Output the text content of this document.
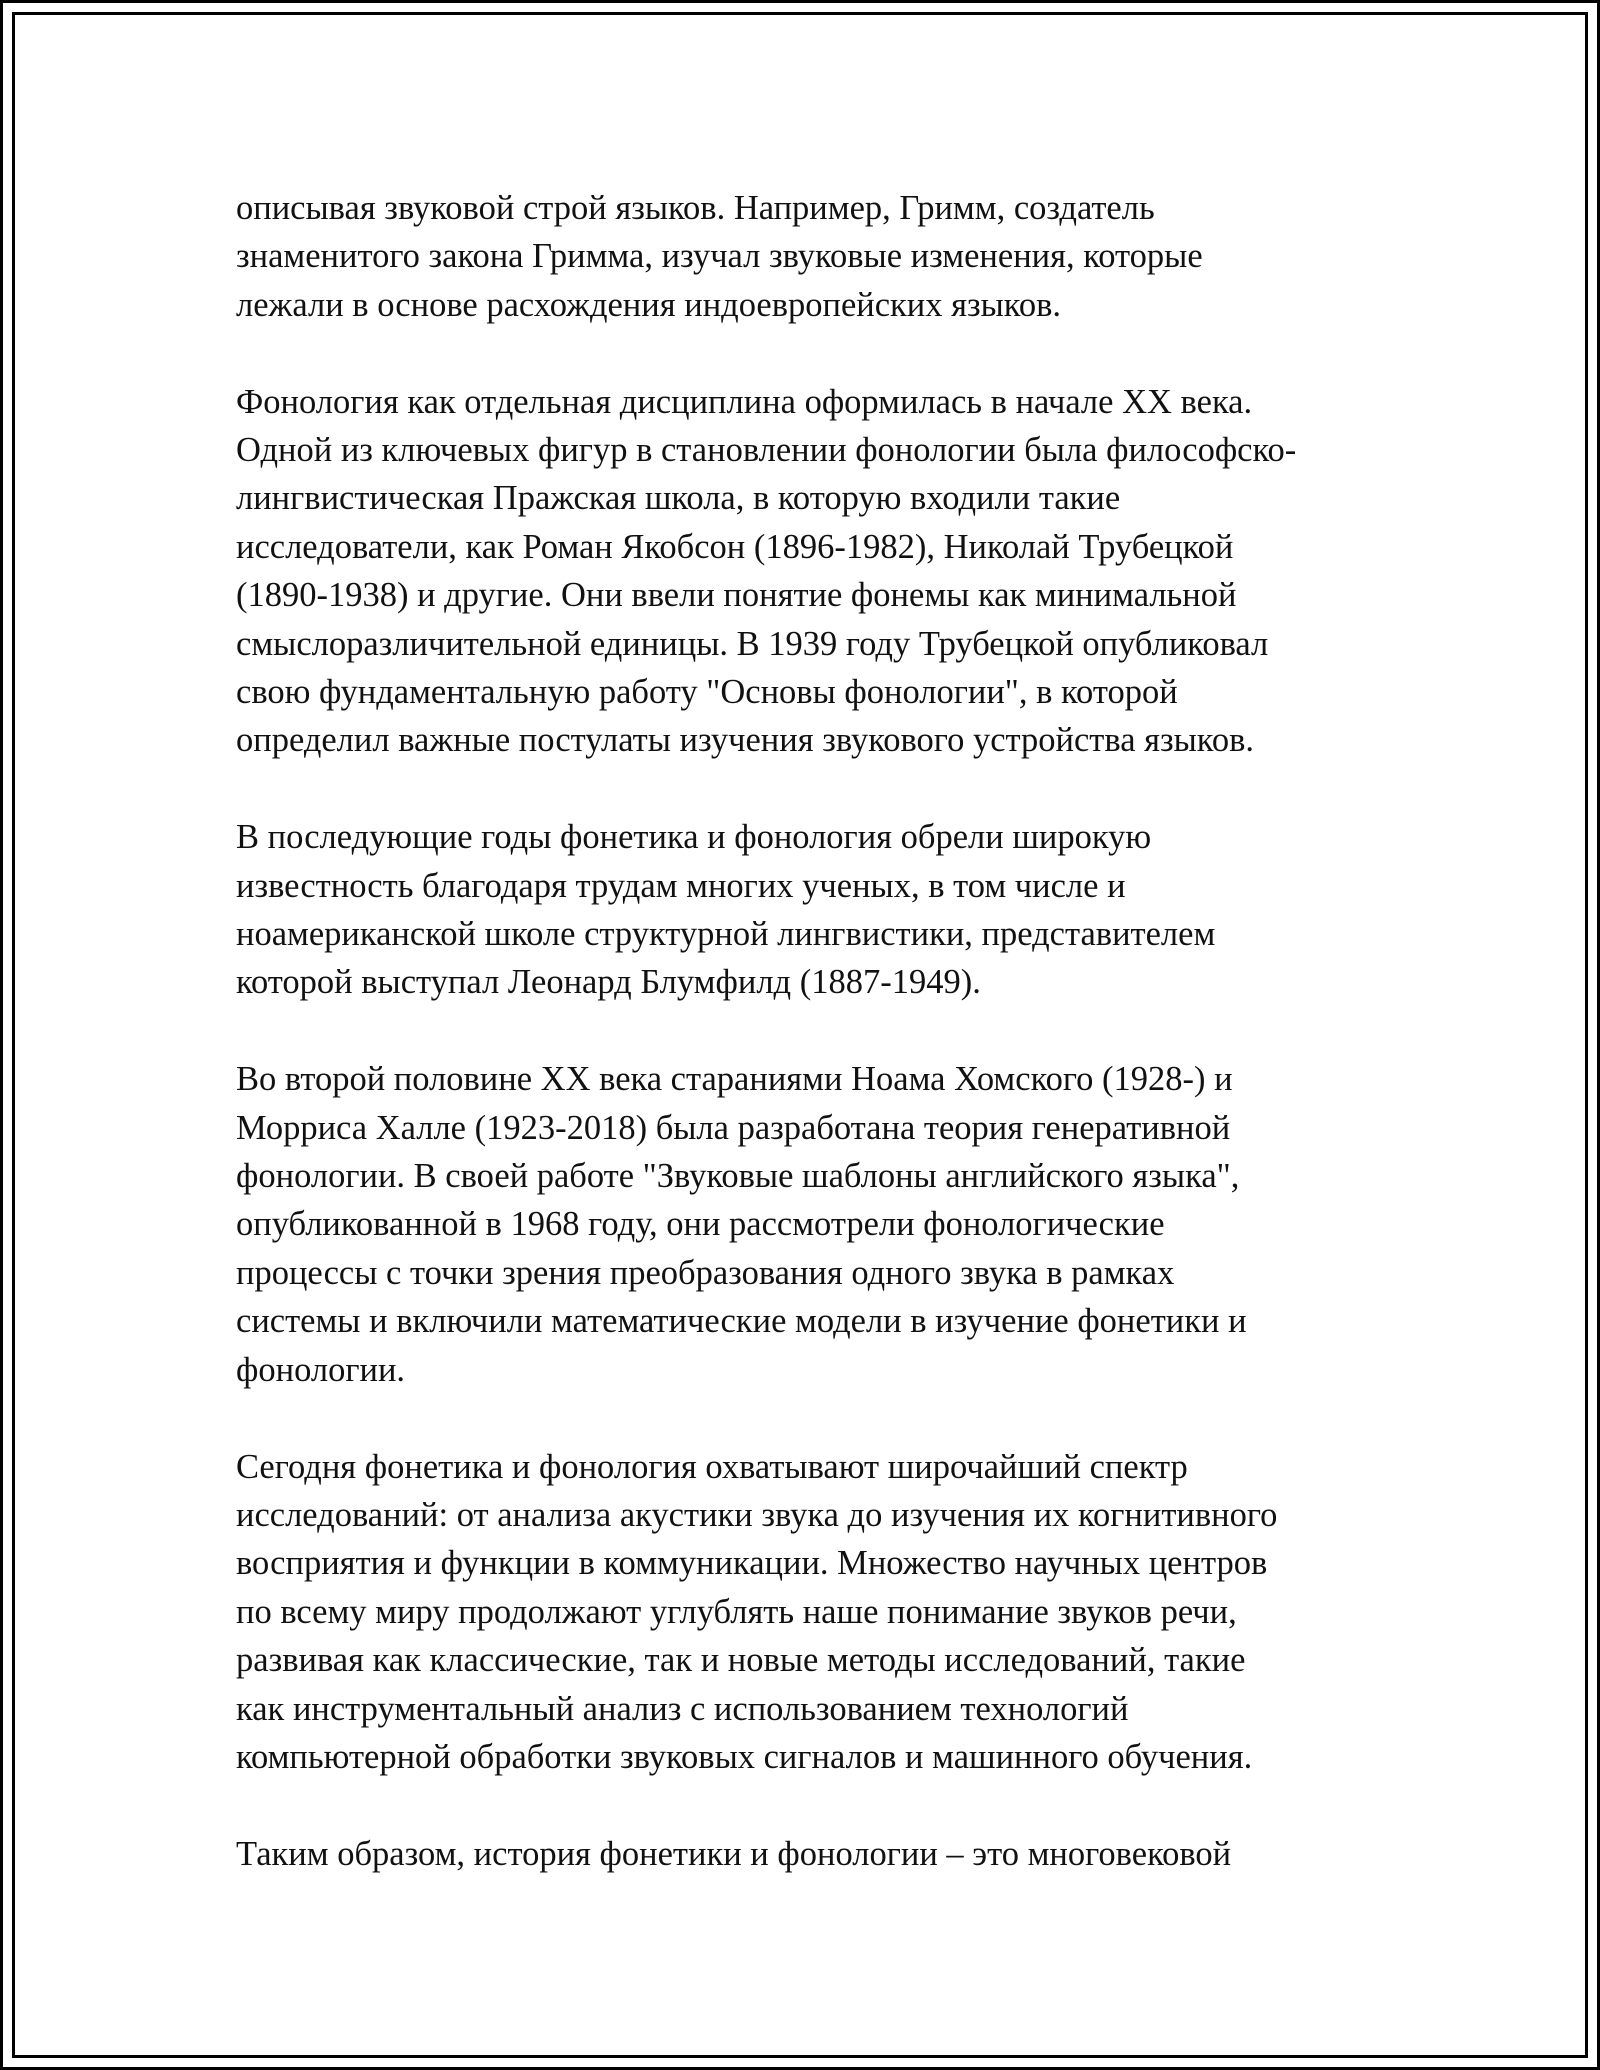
описывая звуковой строй языков. Например, Гримм, создатель
знаменитого закона Гримма, изучал звуковые изменения, которые
лежали в основе расхождения индоевропейских языков.

Фонология как отдельная дисциплина оформилась в начале XX века.
Одной из ключевых фигур в становлении фонологии была философско-
лингвистическая Пражская школа, в которую входили такие
исследователи, как Роман Якобсон (1896-1982), Николай Трубецкой
(1890-1938) и другие. Они ввели понятие фонемы как минимальной
смыслоразличительной единицы. В 1939 году Трубецкой опубликовал
свою фундаментальную работу "Основы фонологии", в которой
определил важные постулаты изучения звукового устройства языков.

В последующие годы фонетика и фонология обрели широкую
известность благодаря трудам многих ученых, в том числе и
ноамериканской школе структурной лингвистики, представителем
которой выступал Леонард Блумфилд (1887-1949).

Во второй половине XX века стараниями Ноама Хомского (1928-) и
Морриса Халле (1923-2018) была разработана теория генеративной
фонологии. В своей работе "Звуковые шаблоны английского языка",
опубликованной в 1968 году, они рассмотрели фонологические
процессы с точки зрения преобразования одного звука в рамках
системы и включили математические модели в изучение фонетики и
фонологии.

Сегодня фонетика и фонология охватывают широчайший спектр
исследований: от анализа акустики звука до изучения их когнитивного
восприятия и функции в коммуникации. Множество научных центров
по всему миру продолжают углублять наше понимание звуков речи,
развивая как классические, так и новые методы исследований, такие
как инструментальный анализ с использованием технологий
компьютерной обработки звуковых сигналов и машинного обучения.

Таким образом, история фонетики и фонологии – это многовековой
